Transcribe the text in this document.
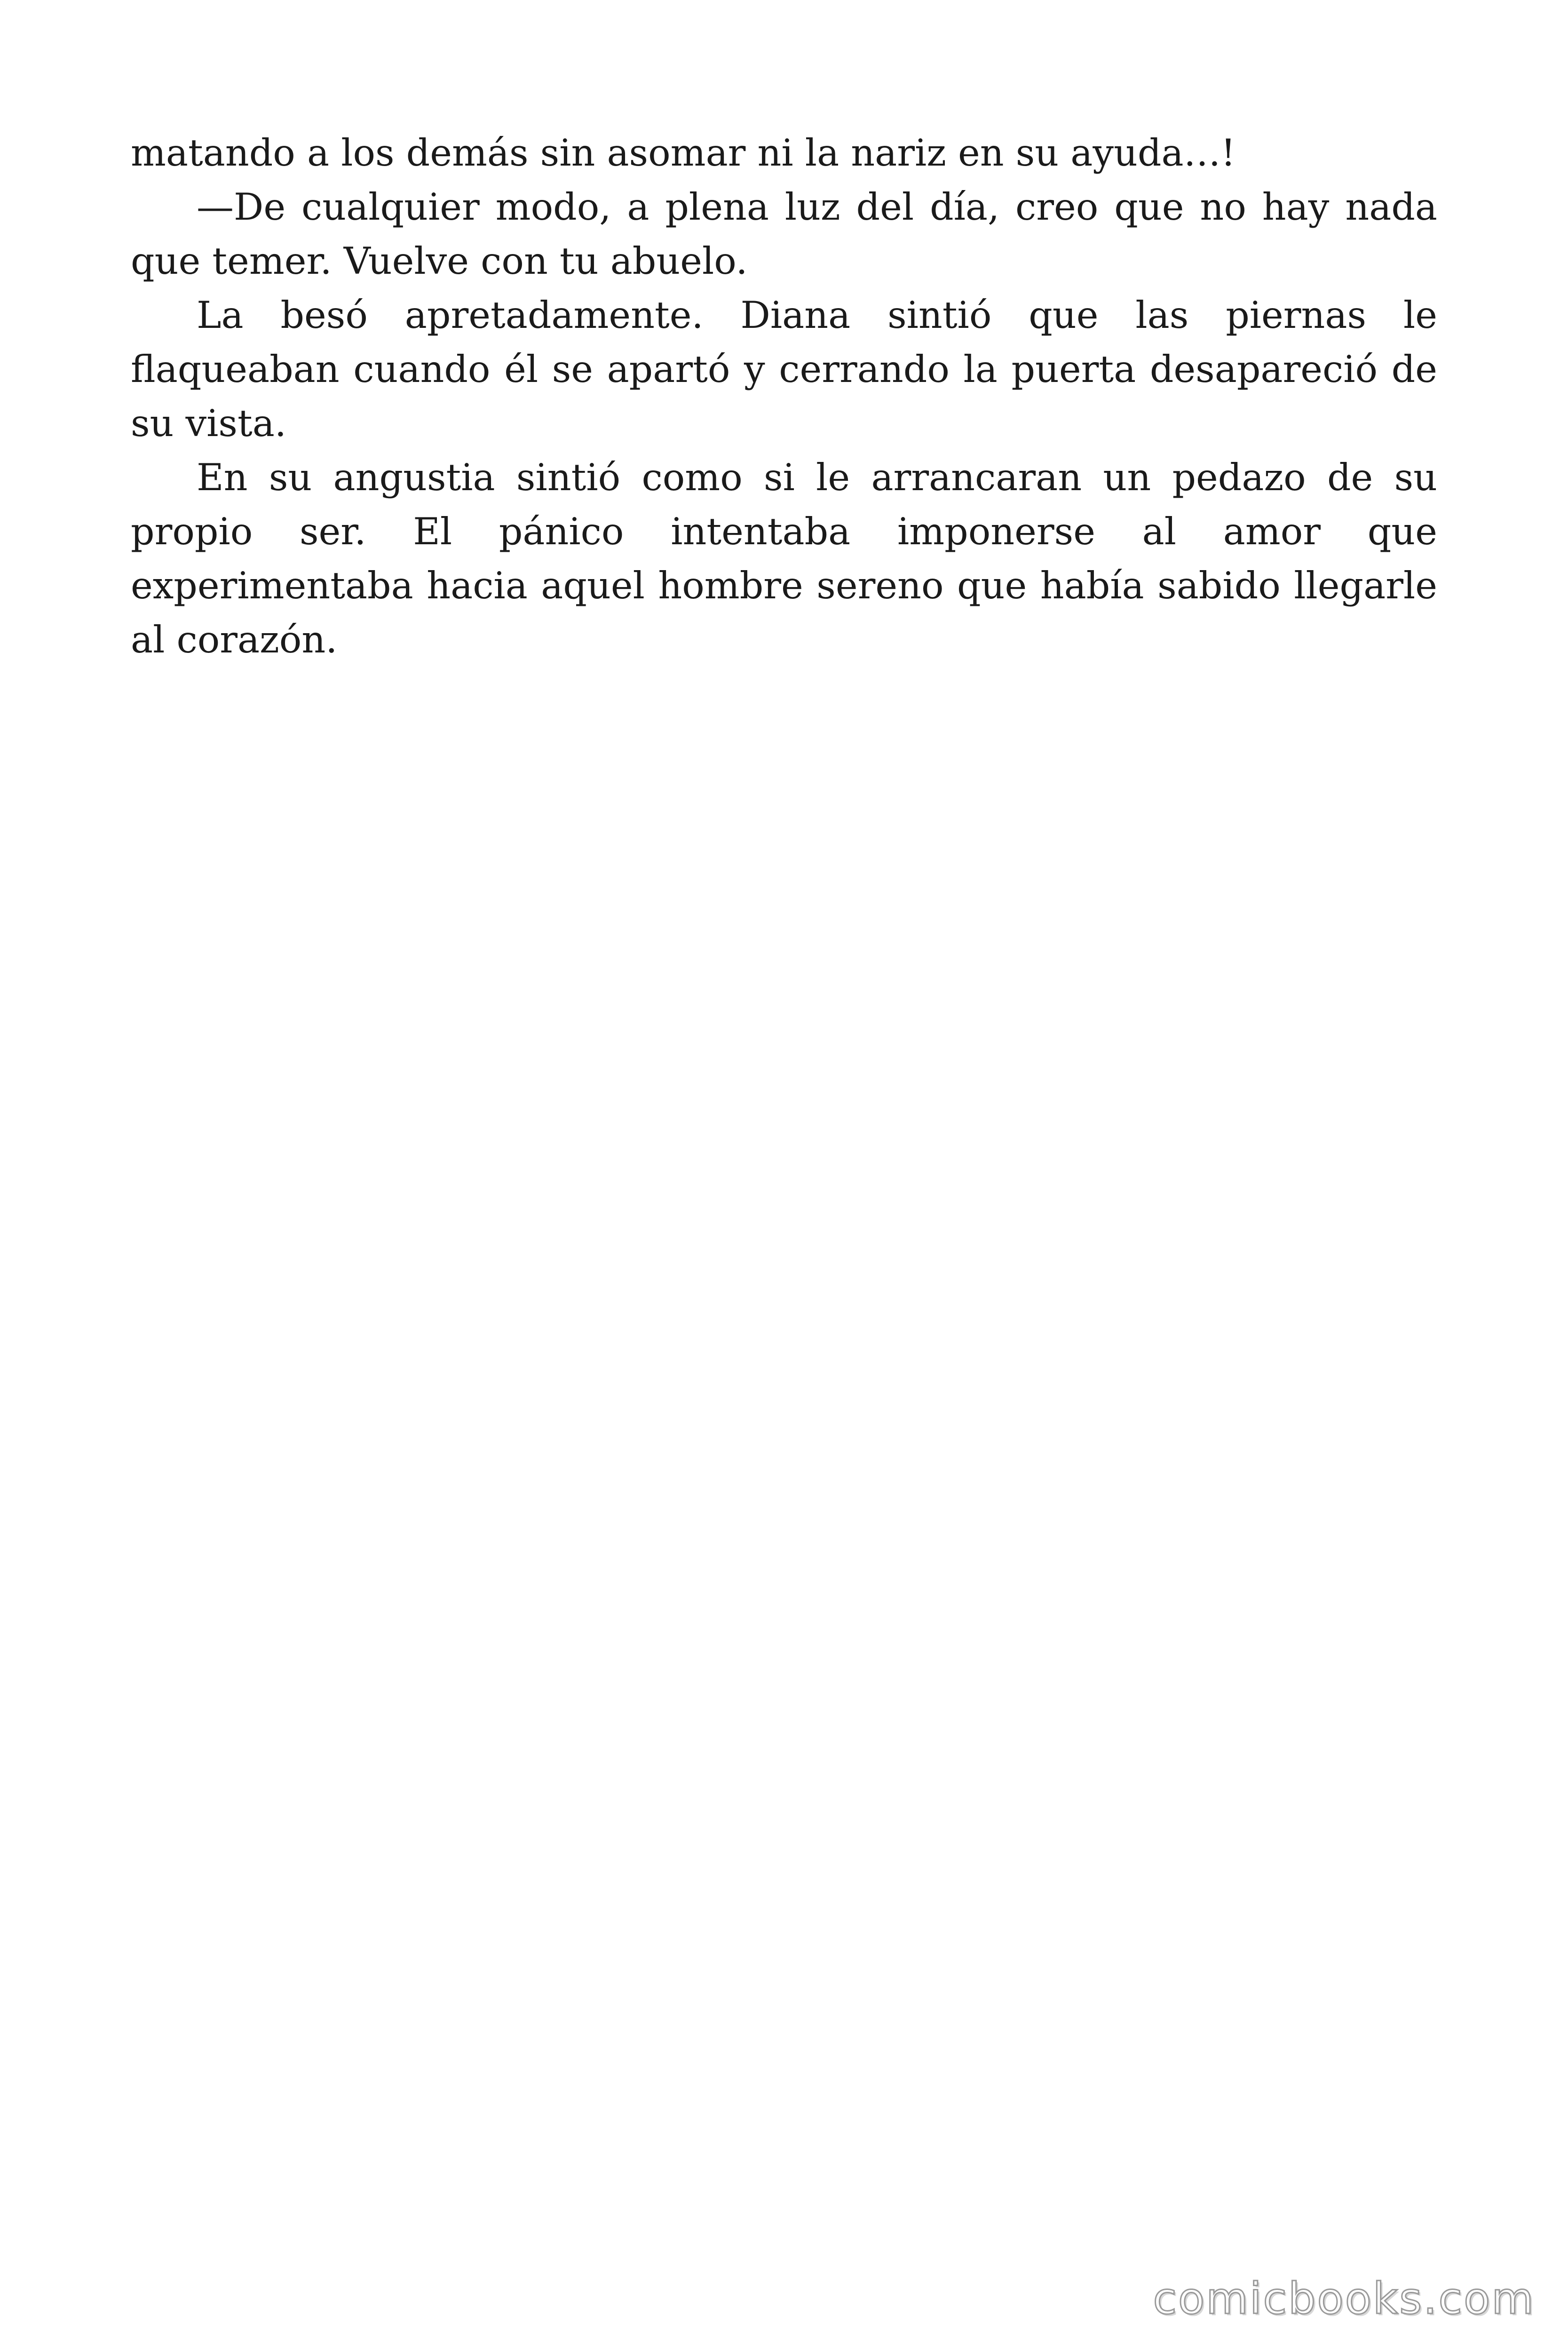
matando a los demás sin asomar ni la nariz en su ayuda…!

—De cualquier modo, a plena luz del día, creo que no hay nada que temer. Vuelve con tu abuelo.

La besó apretadamente. Diana sintió que las piernas le flaqueaban cuando él se apartó y cerrando la puerta desapareció de su vista.

En su angustia sintió como si le arrancaran un pedazo de su propio ser. El pánico intentaba imponerse al amor que experimentaba hacia aquel hombre sereno que había sabido llegarle al corazón.

comicbooks.com
